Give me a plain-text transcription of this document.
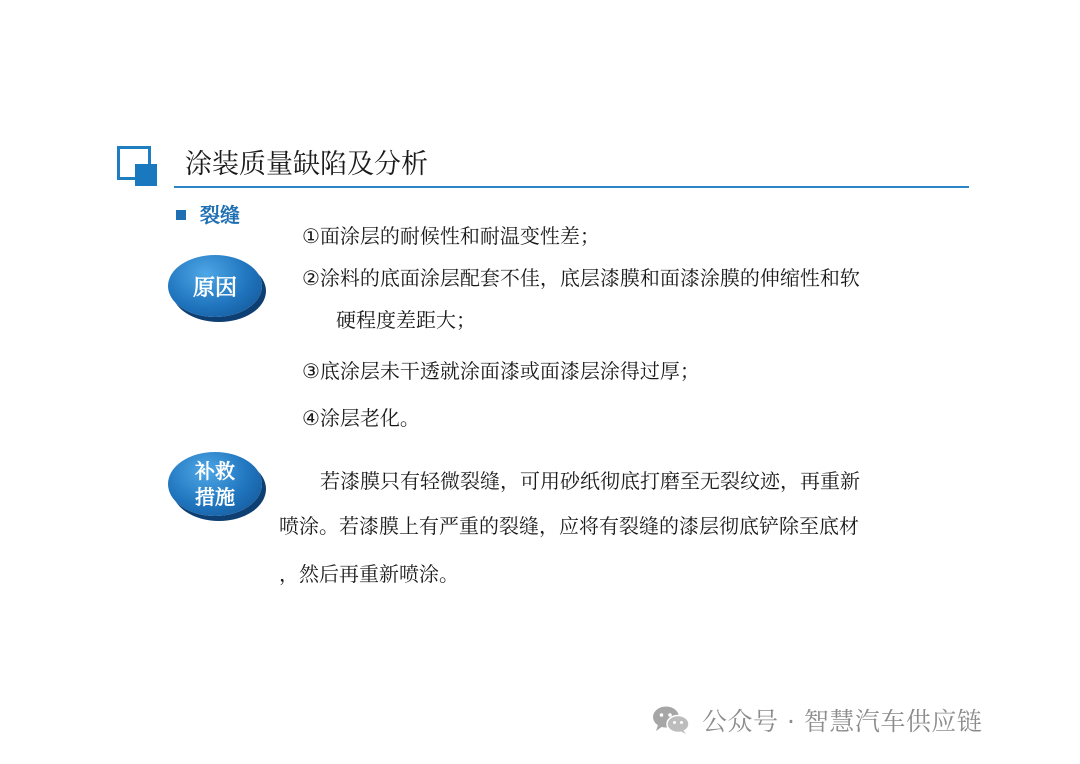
涂装质量缺陷及分析
裂缝
原因
①面涂层的耐候性和耐温变性差；
②涂料的底面涂层配套不佳，底层漆膜和面漆涂膜的伸缩性和软
硬程度差距大；
③底涂层未干透就涂面漆或面漆层涂得过厚；
④涂层老化。
补救
措施
若漆膜只有轻微裂缝，可用砂纸彻底打磨至无裂纹迹，再重新
喷涂。若漆膜上有严重的裂缝，应将有裂缝的漆层彻底铲除至底材
，然后再重新喷涂。
公众号 · 智慧汽车供应链
